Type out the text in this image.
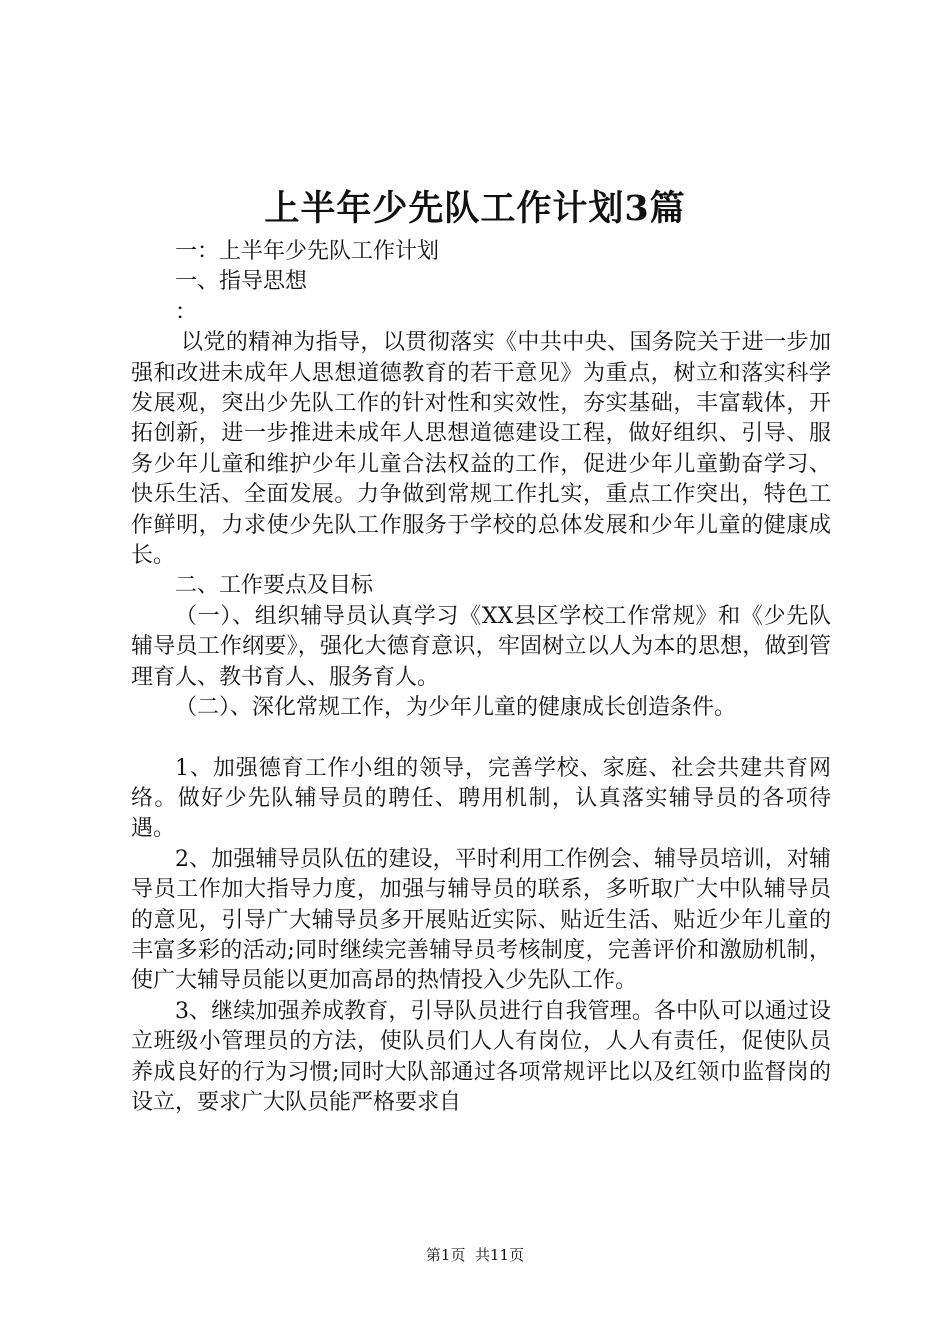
上半年少先队工作计划3篇

一：上半年少先队工作计划

一、指导思想

：

以党的精神为指导，以贯彻落实《中共中央、国务院关于进一步加强和改进未成年人思想道德教育的若干意见》为重点，树立和落实科学发展观，突出少先队工作的针对性和实效性，夯实基础，丰富载体，开拓创新，进一步推进未成年人思想道德建设工程，做好组织、引导、服务少年儿童和维护少年儿童合法权益的工作，促进少年儿童勤奋学习、快乐生活、全面发展。力争做到常规工作扎实，重点工作突出，特色工作鲜明，力求使少先队工作服务于学校的总体发展和少年儿童的健康成长。

二、工作要点及目标

（一）、组织辅导员认真学习《XX县区学校工作常规》和《少先队辅导员工作纲要》，强化大德育意识，牢固树立以人为本的思想，做到管理育人、教书育人、服务育人。

（二）、深化常规工作，为少年儿童的健康成长创造条件。

1、加强德育工作小组的领导，完善学校、家庭、社会共建共育网络。做好少先队辅导员的聘任、聘用机制，认真落实辅导员的各项待遇。

2、加强辅导员队伍的建设，平时利用工作例会、辅导员培训，对辅导员工作加大指导力度，加强与辅导员的联系，多听取广大中队辅导员的意见，引导广大辅导员多开展贴近实际、贴近生活、贴近少年儿童的丰富多彩的活动;同时继续完善辅导员考核制度，完善评价和激励机制，使广大辅导员能以更加高昂的热情投入少先队工作。

3、继续加强养成教育，引导队员进行自我管理。各中队可以通过设立班级小管理员的方法，使队员们人人有岗位，人人有责任，促使队员养成良好的行为习惯;同时大队部通过各项常规评比以及红领巾监督岗的设立，要求广大队员能严格要求自

第1页 共11页
